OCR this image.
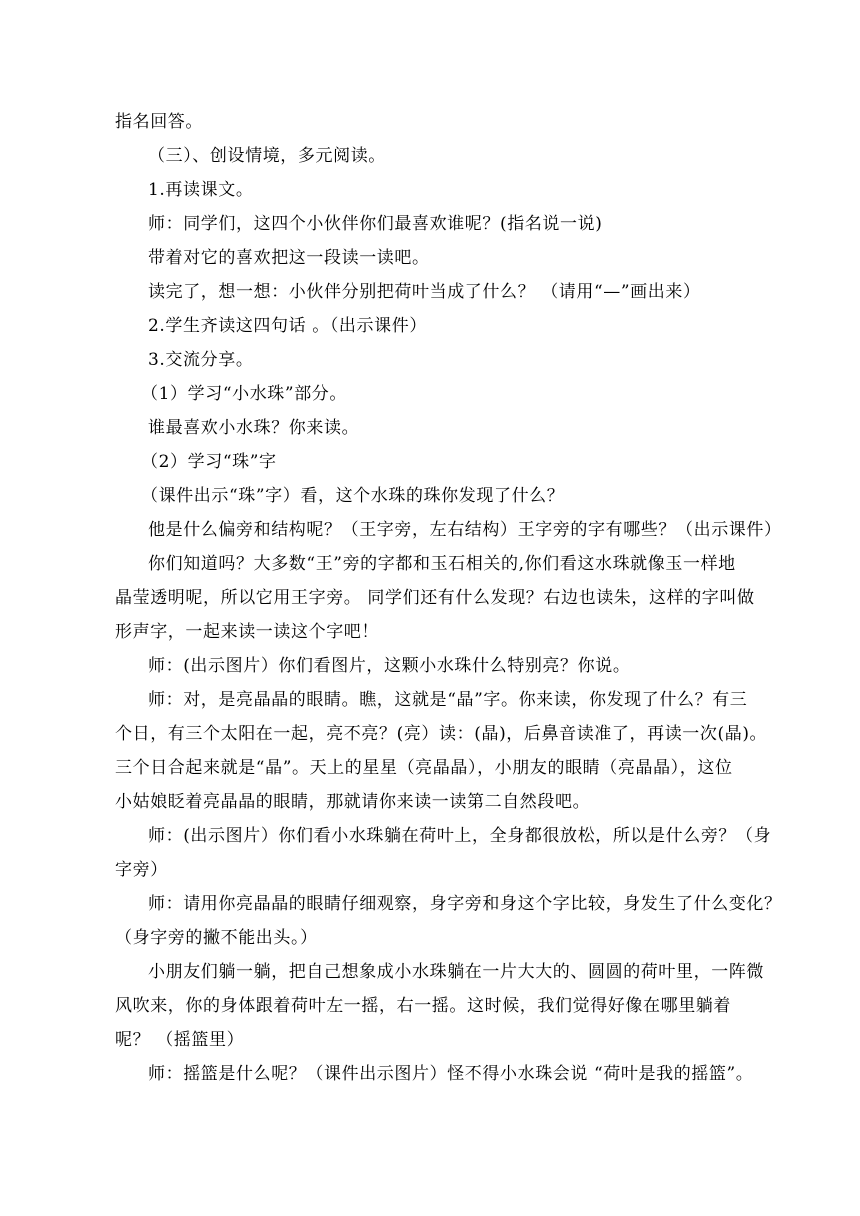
指名回答。
（三）、创设情境，多元阅读。
1.再读课文。
师：同学们，这四个小伙伴你们最喜欢谁呢？(指名说一说)
带着对它的喜欢把这一段读一读吧。
读完了，想一想：小伙伴分别把荷叶当成了什么？ （请用“—”画出来）
2.学生齐读这四句话 。（出示课件）
3.交流分享。
（1）学习“小水珠”部分。
谁最喜欢小水珠？你来读。
（2）学习“珠”字
（课件出示“珠”字）看，这个水珠的珠你发现了什么？
他是什么偏旁和结构呢？（王字旁，左右结构）王字旁的字有哪些？（出示课件）
你们知道吗？大多数“王”旁的字都和玉石相关的,你们看这水珠就像玉一样地
晶莹透明呢，所以它用王字旁。 同学们还有什么发现？右边也读朱，这样的字叫做
形声字，一起来读一读这个字吧！
师：(出示图片）你们看图片，这颗小水珠什么特别亮？你说。
师：对，是亮晶晶的眼睛。瞧，这就是“晶”字。你来读，你发现了什么？有三
个日，有三个太阳在一起，亮不亮？(亮）读：(晶)，后鼻音读准了，再读一次(晶)。
三个日合起来就是“晶”。天上的星星（亮晶晶），小朋友的眼睛（亮晶晶），这位
小姑娘眨着亮晶晶的眼睛，那就请你来读一读第二自然段吧。
师：(出示图片）你们看小水珠躺在荷叶上，全身都很放松，所以是什么旁？（身
字旁）
师：请用你亮晶晶的眼睛仔细观察，身字旁和身这个字比较，身发生了什么变化？
（身字旁的撇不能出头。）
小朋友们躺一躺，把自己想象成小水珠躺在一片大大的、圆圆的荷叶里，一阵微
风吹来，你的身体跟着荷叶左一摇，右一摇。这时候，我们觉得好像在哪里躺着
呢？ （摇篮里）
师：摇篮是什么呢？（课件出示图片）怪不得小水珠会说 “荷叶是我的摇篮”。
